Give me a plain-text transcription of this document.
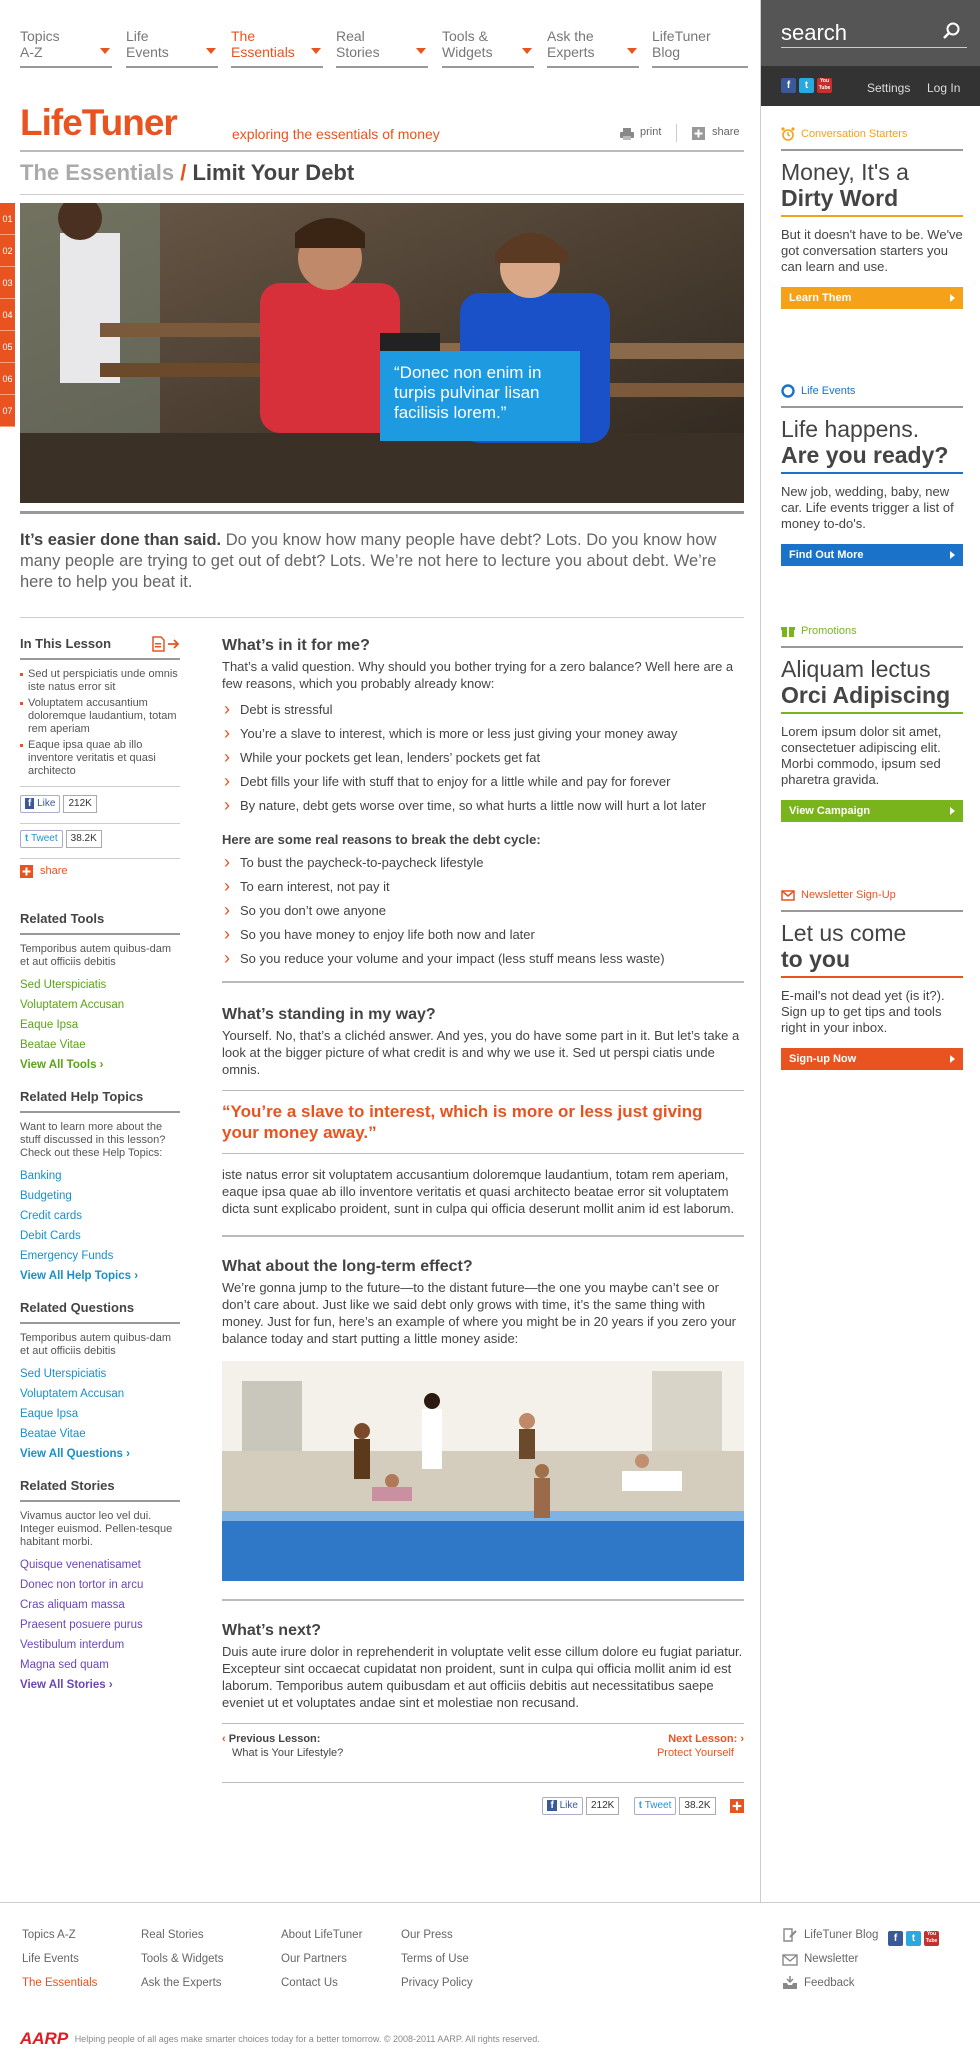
Topics
A-Z
Life
Events
The
Essentials
Real
Stories
Tools &
Widgets
Ask the
Experts
LifeTuner
Blog
LifeTuner	exploring the essentials of money	print	share
The Essentials / Limit Your Debt
01
02
03
04
05
06
07
“Donec non enim in turpis pulvinar lisan facilisis lorem.”
It’s easier done than said. Do you know how many people have debt? Lots. Do you know how many people are trying to get out of debt? Lots. We’re not here to lecture you about debt. We’re here to help you beat it.
In This Lesson
Sed ut perspiciatis unde omnis iste natus error sit
Voluptatem accusantium doloremque laudantium, totam rem aperiam
Eaque ipsa quae ab illo inventore veritatis et quasi architecto
f Like 212K
t Tweet 38.2K
share
Related Tools
Temporibus autem quibus-dam et aut officiis debitis
Sed Uterspiciatis
Voluptatem Accusan
Eaque Ipsa
Beatae Vitae
View All Tools ›
Related Help Topics
Want to learn more about the stuff discussed in this lesson? Check out these Help Topics:
Banking
Budgeting
Credit cards
Debit Cards
Emergency Funds
View All Help Topics ›
Related Questions
Temporibus autem quibus-dam et aut officiis debitis
Sed Uterspiciatis
Voluptatem Accusan
Eaque Ipsa
Beatae Vitae
View All Questions ›
Related Stories
Vivamus auctor leo vel dui. Integer euismod. Pellen-tesque habitant morbi.
Quisque venenatisamet
Donec non tortor in arcu
Cras aliquam massa
Praesent posuere purus
Vestibulum interdum
Magna sed quam
View All Stories ›
What’s in it for me?
That’s a valid question. Why should you bother trying for a zero balance? Well here are a few reasons, which you probably already know:
› Debt is stressful
› You’re a slave to interest, which is more or less just giving your money away
› While your pockets get lean, lenders’ pockets get fat
› Debt fills your life with stuff that to enjoy for a little while and pay for forever
› By nature, debt gets worse over time, so what hurts a little now will hurt a lot later
Here are some real reasons to break the debt cycle:
› To bust the paycheck-to-paycheck lifestyle
› To earn interest, not pay it
› So you don’t owe anyone
› So you have money to enjoy life both now and later
› So you reduce your volume and your impact (less stuff means less waste)
What’s standing in my way?
Yourself. No, that’s a clichéd answer. And yes, you do have some part in it. But let’s take a look at the bigger picture of what credit is and why we use it. Sed ut perspi ciatis unde omnis.
“You’re a slave to interest, which is more or less just giving your money away.”
iste natus error sit voluptatem accusantium doloremque laudantium, totam rem aperiam, eaque ipsa quae ab illo inventore veritatis et quasi architecto beatae error sit voluptatem dicta sunt explicabo proident, sunt in culpa qui officia deserunt mollit anim id est laborum.
What about the long-term effect?
We’re gonna jump to the future—to the distant future—the one you maybe can’t see or don’t care about. Just like we said debt only grows with time, it’s the same thing with money. Just for fun, here’s an example of where you might be in 20 years if you zero your balance today and start putting a little money aside:
What’s next?
Duis aute irure dolor in reprehenderit in voluptate velit esse cillum dolore eu fugiat pariatur. Excepteur sint occaecat cupidatat non proident, sunt in culpa qui officia mollit anim id est laborum. Temporibus autem quibusdam et aut officiis debitis aut necessitatibus saepe eveniet ut et voluptates andae sint et molestiae non recusand.
‹ Previous Lesson:
What is Your Lifestyle?
Next Lesson: ›
Protect Yourself
f Like 212K t Tweet 38.2K
search
f	t	You
Tube	Settings Log In
Conversation Starters
Money, It's a
Dirty Word
But it doesn't have to be. We've got conversation starters you can learn and use.
Learn Them
Life Events
Life happens.
Are you ready?
New job, wedding, baby, new car. Life events trigger a list of money to-do's.
Find Out More
Promotions
Aliquam lectus
Orci Adipiscing
Lorem ipsum dolor sit amet, consectetuer adipiscing elit. Morbi commodo, ipsum sed pharetra gravida.
View Campaign
Newsletter Sign-Up
Let us come
to you
E-mail's not dead yet (is it?). Sign up to get tips and tools right in your inbox.
Sign-up Now
Topics A-Z
Life Events
The Essentials
Real Stories
Tools & Widgets
Ask the Experts
About LifeTuner
Our Partners
Contact Us
Our Press
Terms of Use
Privacy Policy
LifeTuner Blog
Newsletter
Feedback
f	t	You
Tube
AARP Helping people of all ages make smarter choices today for a better tomorrow. © 2008-2011 AARP. All rights reserved.
